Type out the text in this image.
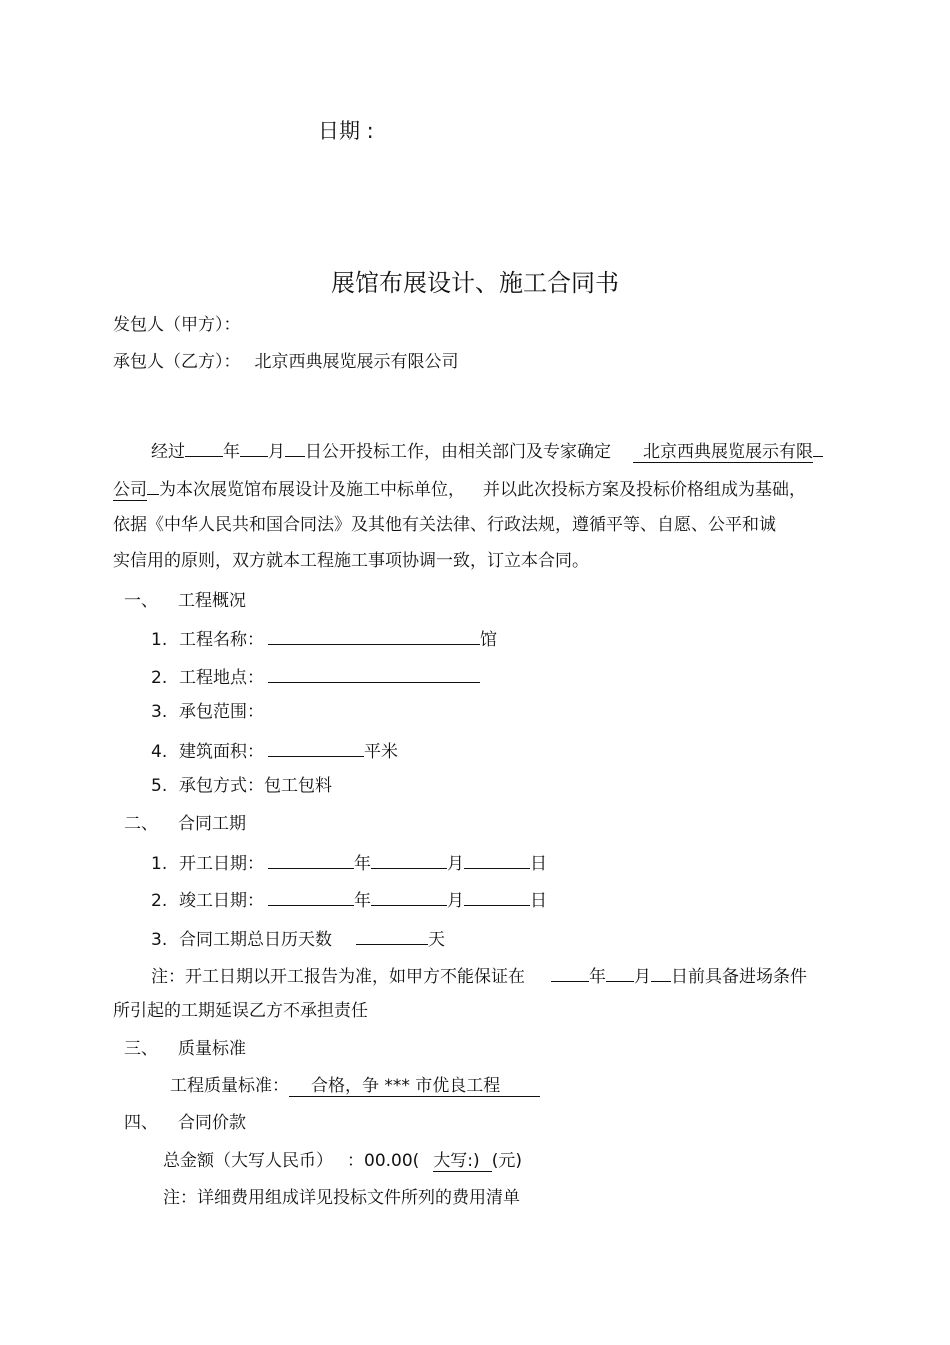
日期 :
展馆布展设计、施工合同书
发包人（甲方）：
承包人（乙方）： 北京西典展览展示有限公司
经过 年 月 日公开投标工作，由相关部门及专家确定 北京西典展览展示有限
公司 为本次展览馆布展设计及施工中标单位， 并以此次投标方案及投标价格组成为基础，
依据《中华人民共和国合同法》及其他有关法律、行政法规，遵循平等、自愿、公平和诚
实信用的原则，双方就本工程施工事项协调一致，订立本合同。
一、 工程概况
1. 工程名称：	馆
2. 工程地点：
3. 承包范围：
4. 建筑面积：	平米
5. 承包方式：包工包料
二、 合同工期
1. 开工日期：	年	月	日
2. 竣工日期：	年	月	日
3. 合同工期总日历天数	天
注：开工日期以开工报告为准，如甲方不能保证在	年 月 日前具备进场条件
所引起的工期延误乙方不承担责任
三、 质量标准
工程质量标准： 合格，争 *** 市优良工程
四、 合同价款
总金额（大写人民币） ：00.00( 大写:) (元)
注：详细费用组成详见投标文件所列的费用清单
